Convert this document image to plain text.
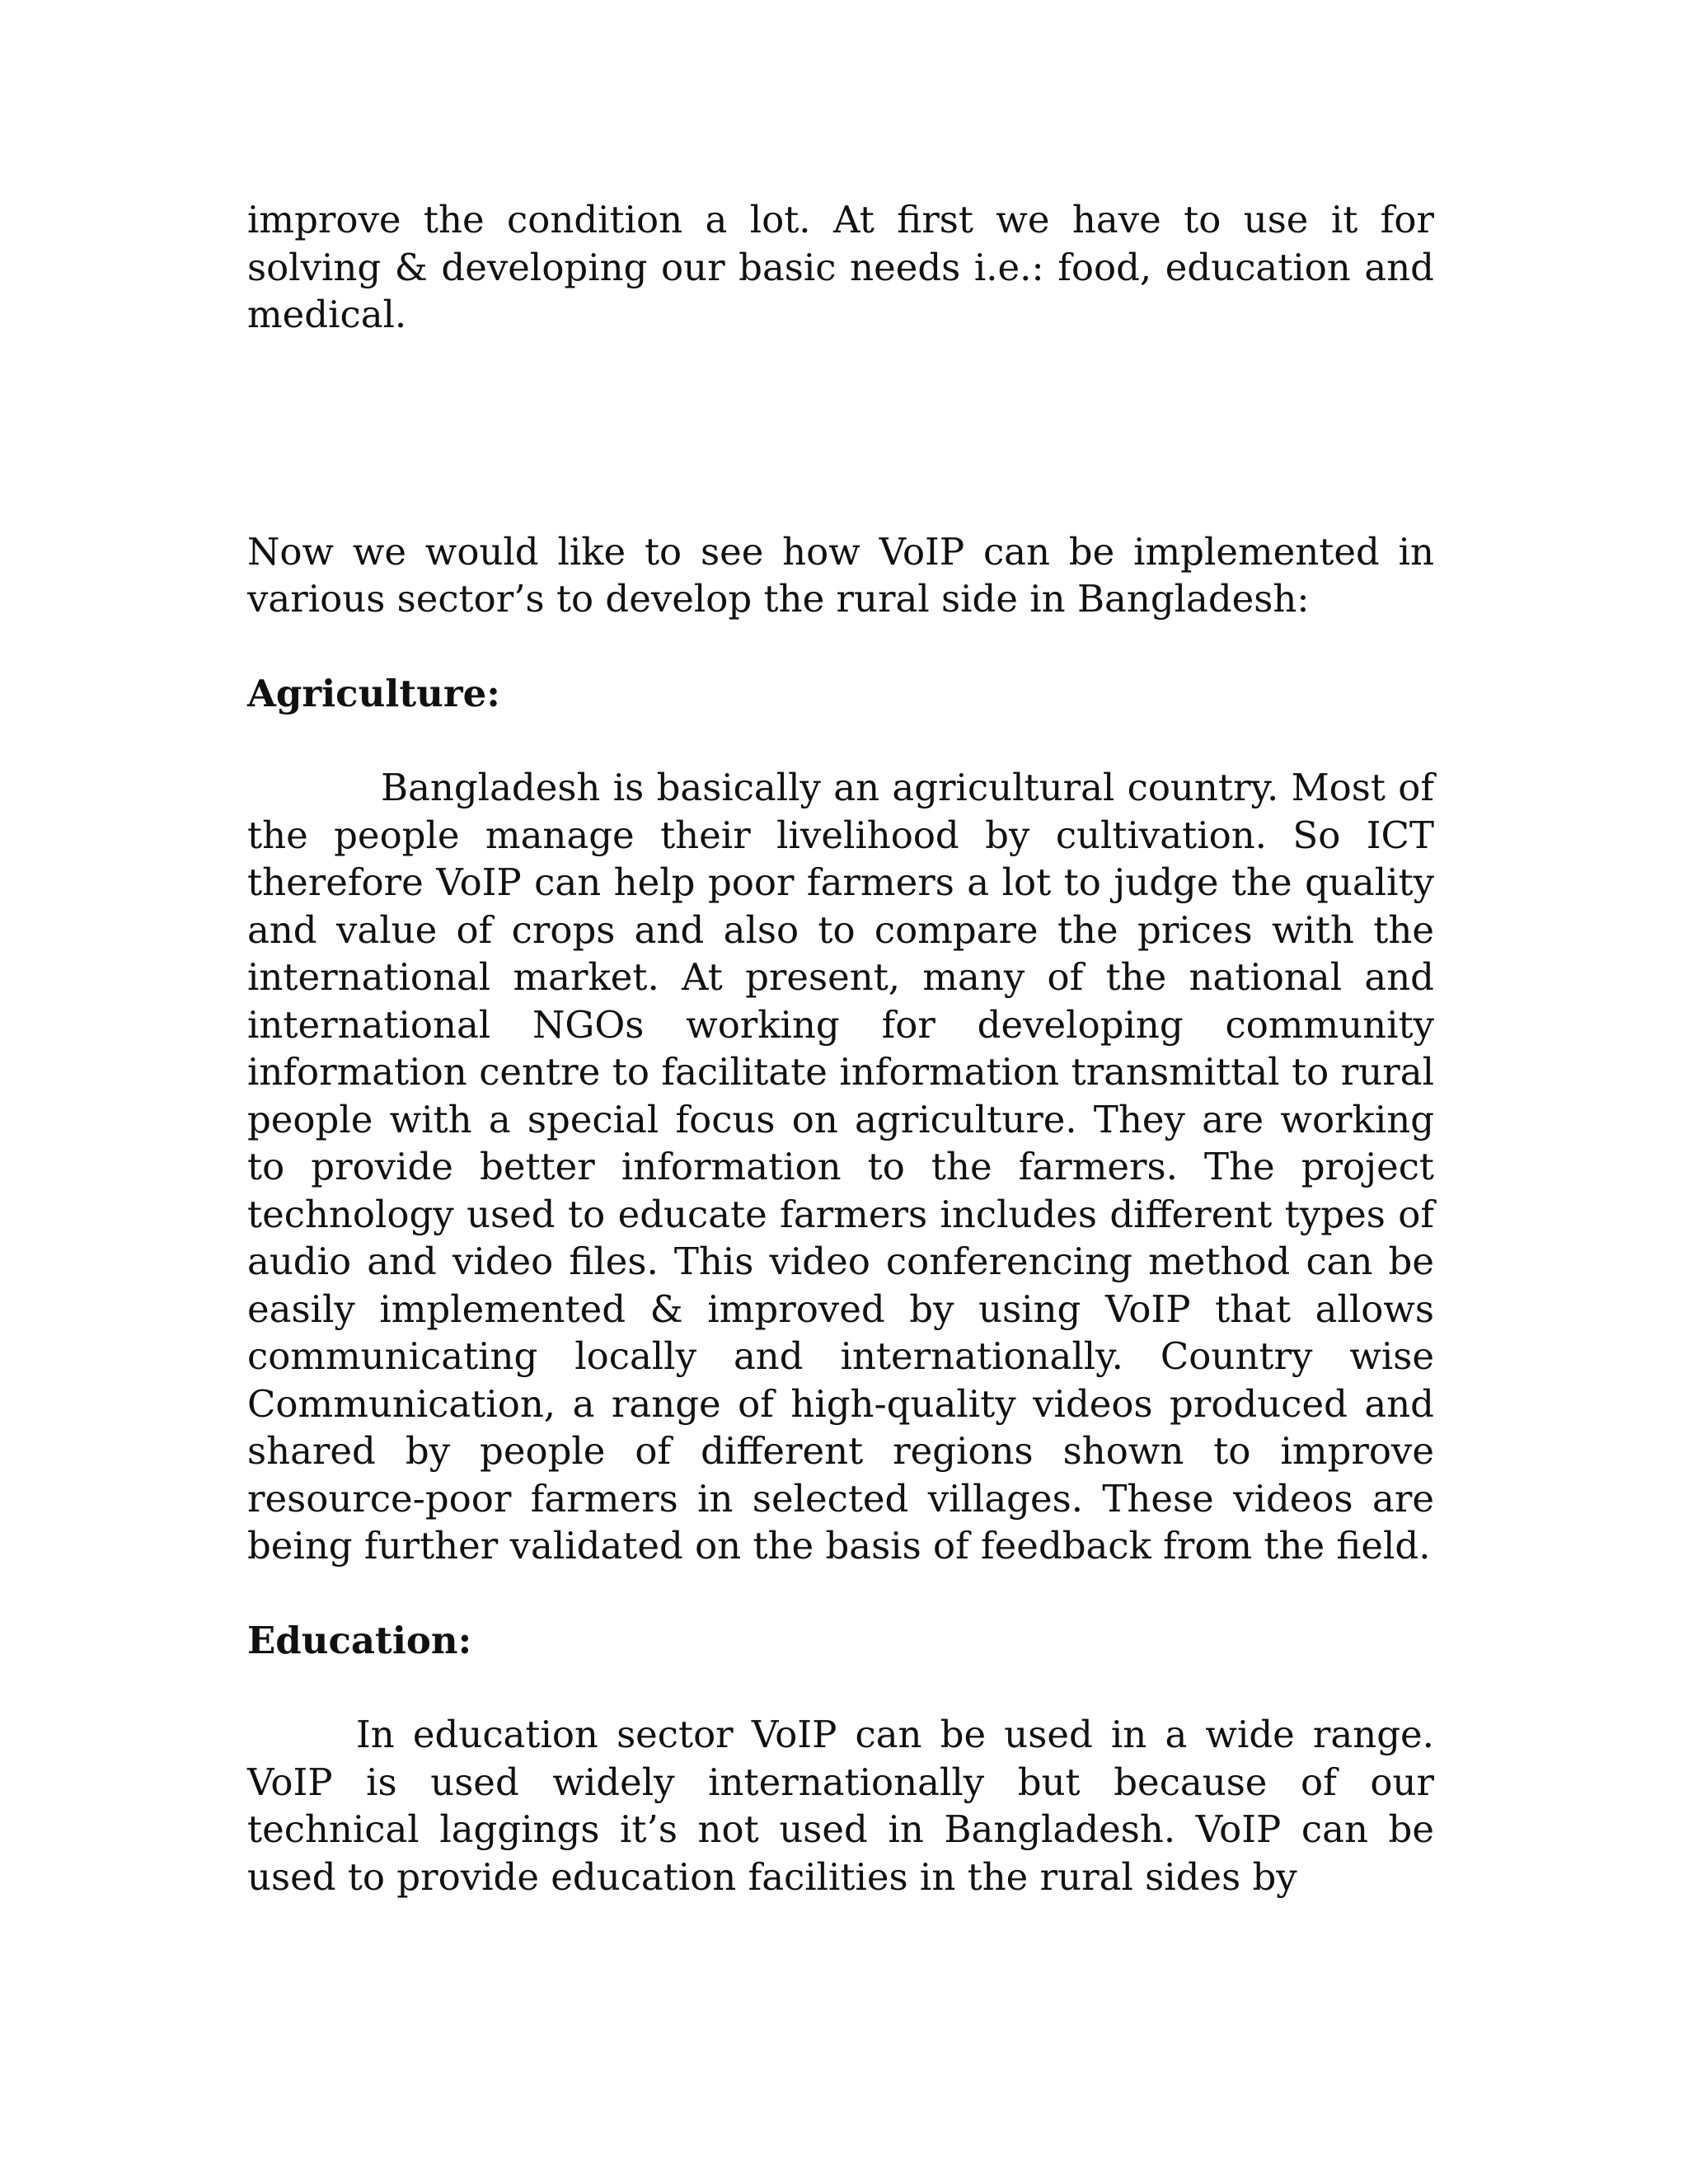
improve the condition a lot. At first we have to use it for solving & developing our basic needs i.e.: food, education and medical.

Now we would like to see how VoIP can be implemented in various sector’s to develop the rural side in Bangladesh:

Agriculture:

Bangladesh is basically an agricultural country. Most of the people manage their livelihood by cultivation. So ICT therefore VoIP can help poor farmers a lot to judge the quality and value of crops and also to compare the prices with the international market. At present, many of the national and international NGOs working for developing community information centre to facilitate information transmittal to rural people with a special focus on agriculture. They are working to provide better information to the farmers. The project technology used to educate farmers includes different types of audio and video files. This video conferencing method can be easily implemented & improved by using VoIP that allows communicating locally and internationally. Country wise Communication, a range of high-quality videos produced and shared by people of different regions shown to improve resource-poor farmers in selected villages. These videos are being further validated on the basis of feedback from the field.

Education:

In education sector VoIP can be used in a wide range. VoIP is used widely internationally but because of our technical laggings it’s not used in Bangladesh. VoIP can be used to provide education facilities in the rural sides by
